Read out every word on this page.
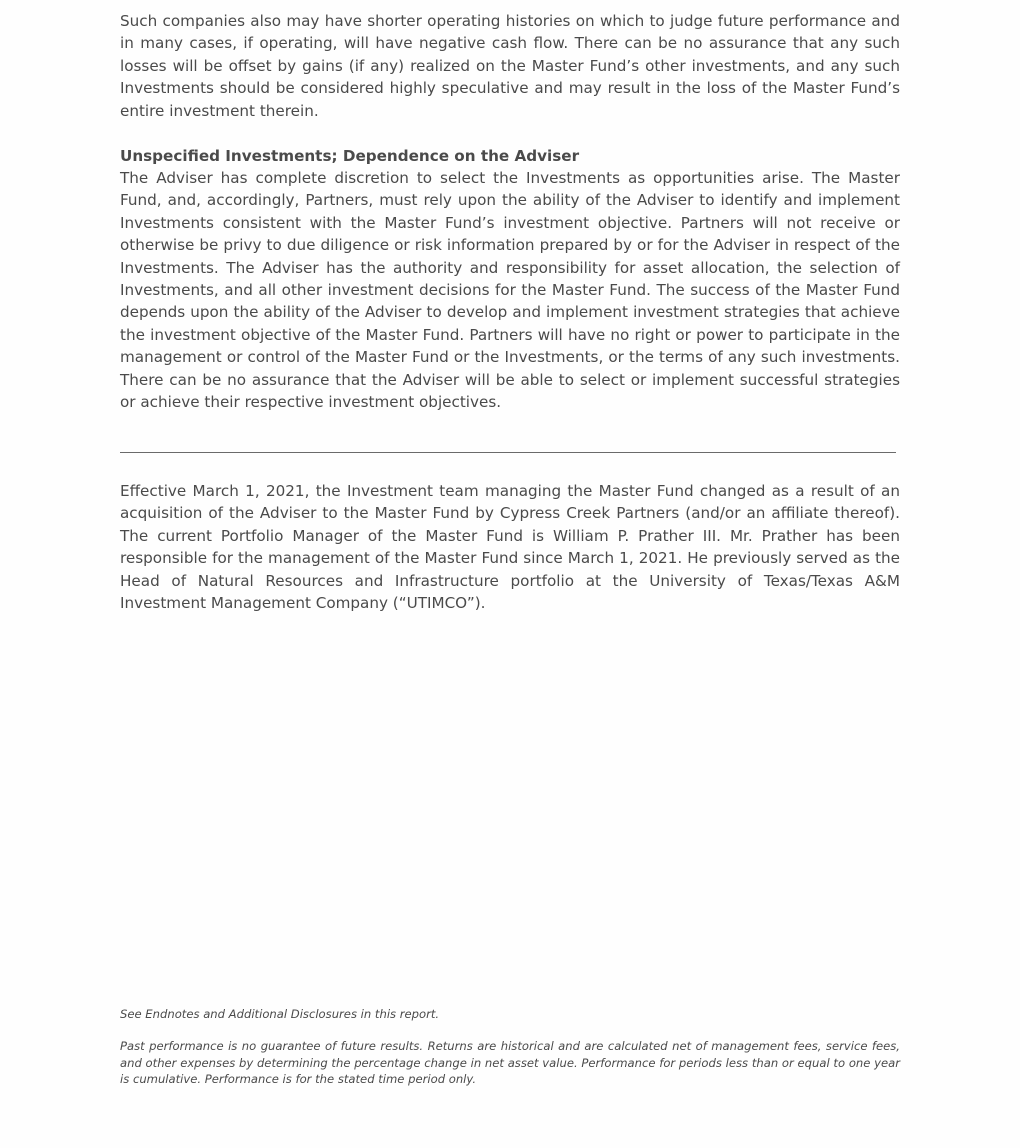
Such companies also may have shorter operating histories on which to judge future performance and in many cases, if operating, will have negative cash flow. There can be no assurance that any such losses will be offset by gains (if any) realized on the Master Fund’s other investments, and any such Investments should be considered highly speculative and may result in the loss of the Master Fund’s entire investment therein.

Unspecified Investments; Dependence on the Adviser

The Adviser has complete discretion to select the Investments as opportunities arise. The Master Fund, and, accordingly, Partners, must rely upon the ability of the Adviser to identify and implement Investments consistent with the Master Fund’s investment objective. Partners will not receive or otherwise be privy to due diligence or risk information prepared by or for the Adviser in respect of the Investments. The Adviser has the authority and responsibility for asset allocation, the selection of Investments, and all other investment decisions for the Master Fund. The success of the Master Fund depends upon the ability of the Adviser to develop and implement investment strategies that achieve the investment objective of the Master Fund. Partners will have no right or power to participate in the management or control of the Master Fund or the Investments, or the terms of any such investments. There can be no assurance that the Adviser will be able to select or implement successful strategies or achieve their respective investment objectives.

Effective March 1, 2021, the Investment team managing the Master Fund changed as a result of an acquisition of the Adviser to the Master Fund by Cypress Creek Partners (and/or an affiliate thereof). The current Portfolio Manager of the Master Fund is William P. Prather III. Mr. Prather has been responsible for the management of the Master Fund since March 1, 2021. He previously served as the Head of Natural Resources and Infrastructure portfolio at the University of Texas/Texas A&M Investment Management Company (“UTIMCO”).

See Endnotes and Additional Disclosures in this report.

Past performance is no guarantee of future results. Returns are historical and are calculated net of management fees, service fees, and other expenses by determining the percentage change in net asset value. Performance for periods less than or equal to one year is cumulative. Performance is for the stated time period only.
